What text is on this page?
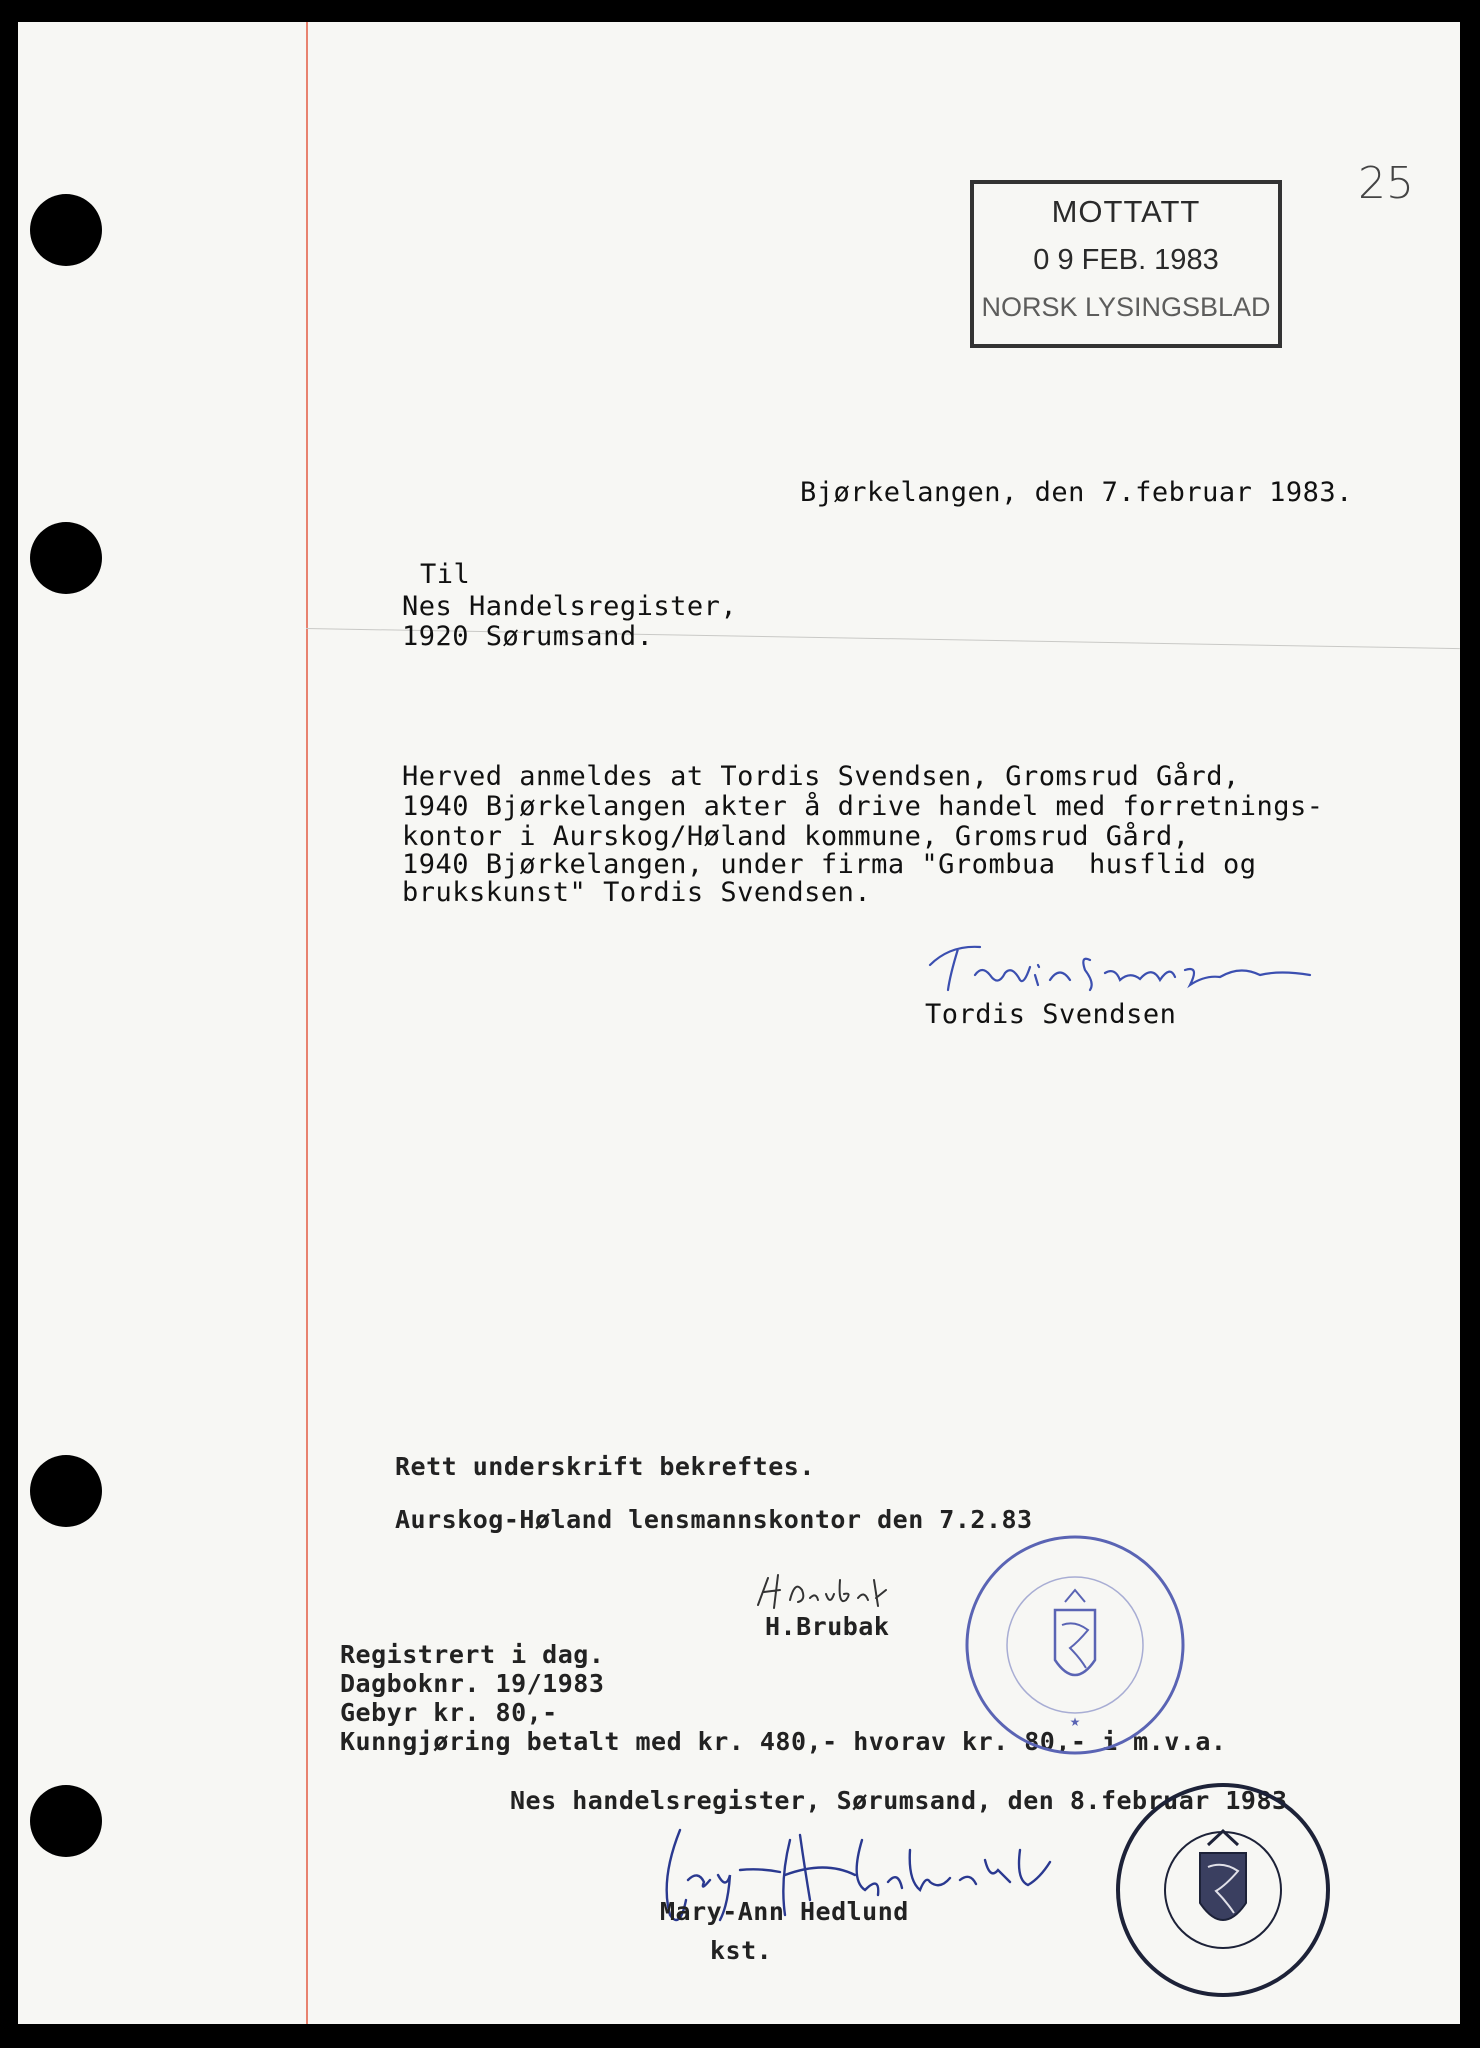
25
MOTTATT
0 9 FEB. 1983
NORSK LYSINGSBLAD
Bjørkelangen, den 7.februar 1983.
Til
Nes Handelsregister,
1920 Sørumsand.
Herved anmeldes at Tordis Svendsen, Gromsrud Gård,
1940 Bjørkelangen akter å drive handel med forretnings-
kontor i Aurskog/Høland kommune, Gromsrud Gård,
1940 Bjørkelangen, under firma "Grombua  husflid og
brukskunst" Tordis Svendsen.
Tordis Svendsen
Rett underskrift bekreftes.
Aurskog-Høland lensmannskontor den 7.2.83
H.Brubak
Registrert i dag.
Dagboknr. 19/1983
Gebyr kr. 80,-
Kunngjøring betalt med kr. 480,- hvorav kr. 80,- i m.v.a.
Nes handelsregister, Sørumsand, den 8.februar 1983
★
Mary-Ann Hedlund
kst.
